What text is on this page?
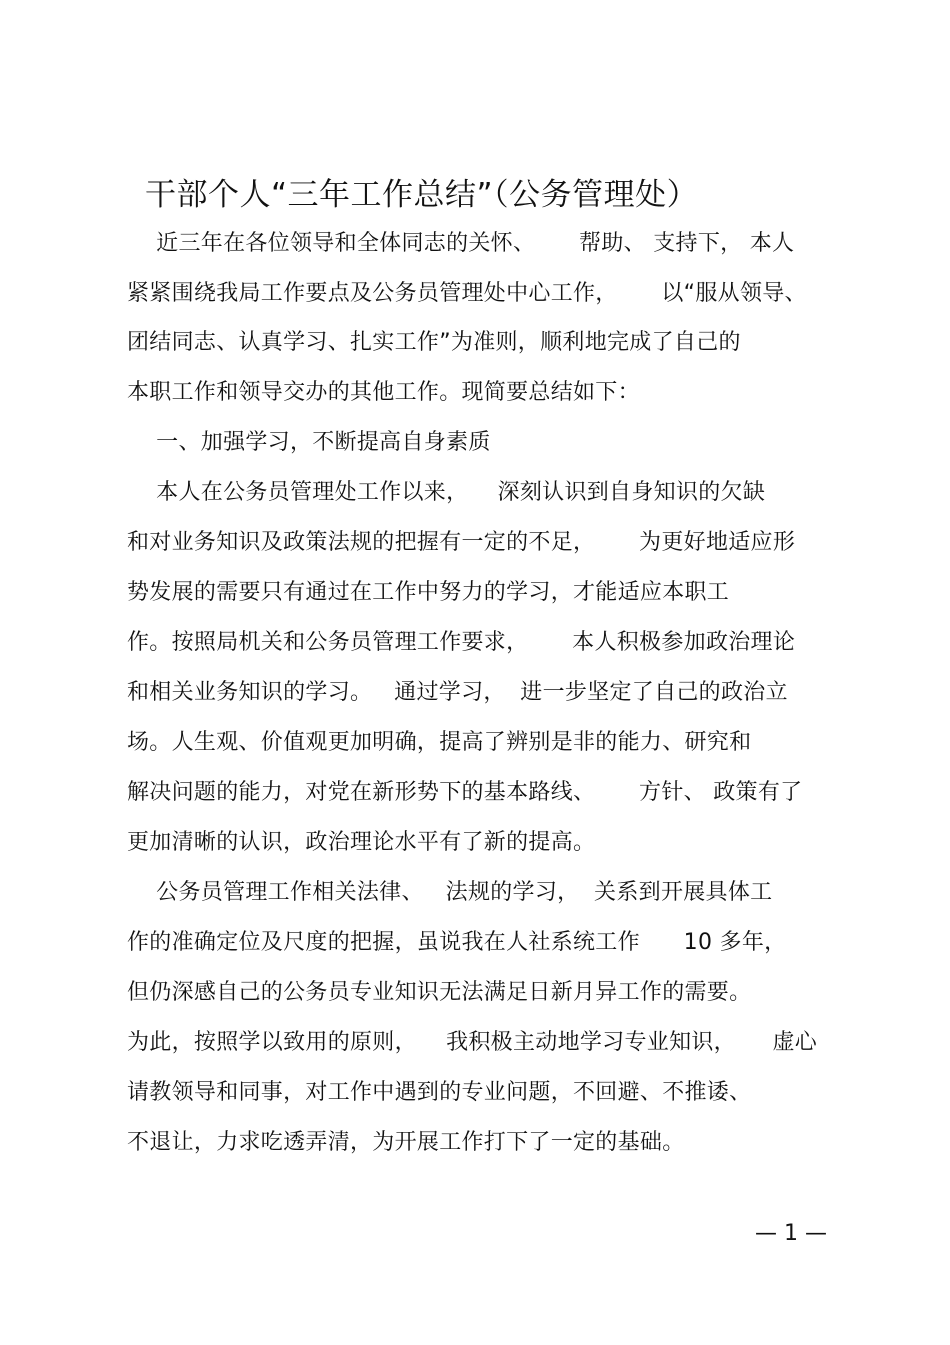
干部个人“三年工作总结”（公务管理处）
近三年在各位领导和全体同志的关怀、      帮助、 支持下， 本人
紧紧围绕我局工作要点及公务员管理处中心工作，      以“服从领导、
团结同志、认真学习、扎实工作”为准则，顺利地完成了自己的
本职工作和领导交办的其他工作。现简要总结如下：
一、加强学习，不断提高自身素质
本人在公务员管理处工作以来，    深刻认识到自身知识的欠缺
和对业务知识及政策法规的把握有一定的不足，      为更好地适应形
势发展的需要只有通过在工作中努力的学习，才能适应本职工
作。按照局机关和公务员管理工作要求，      本人积极参加政治理论
和相关业务知识的学习。   通过学习，  进一步坚定了自己的政治立
场。人生观、价值观更加明确，提高了辨别是非的能力、研究和
解决问题的能力，对党在新形势下的基本路线、      方针、 政策有了
更加清晰的认识，政治理论水平有了新的提高。
公务员管理工作相关法律、   法规的学习，  关系到开展具体工
作的准确定位及尺度的把握，虽说我在人社系统工作      10 多年，
但仍深感自己的公务员专业知识无法满足日新月异工作的需要。
为此，按照学以致用的原则，    我积极主动地学习专业知识，     虚心
请教领导和同事，对工作中遇到的专业问题，不回避、不推诿、
不退让，力求吃透弄清，为开展工作打下了一定的基础。
— 1 —
